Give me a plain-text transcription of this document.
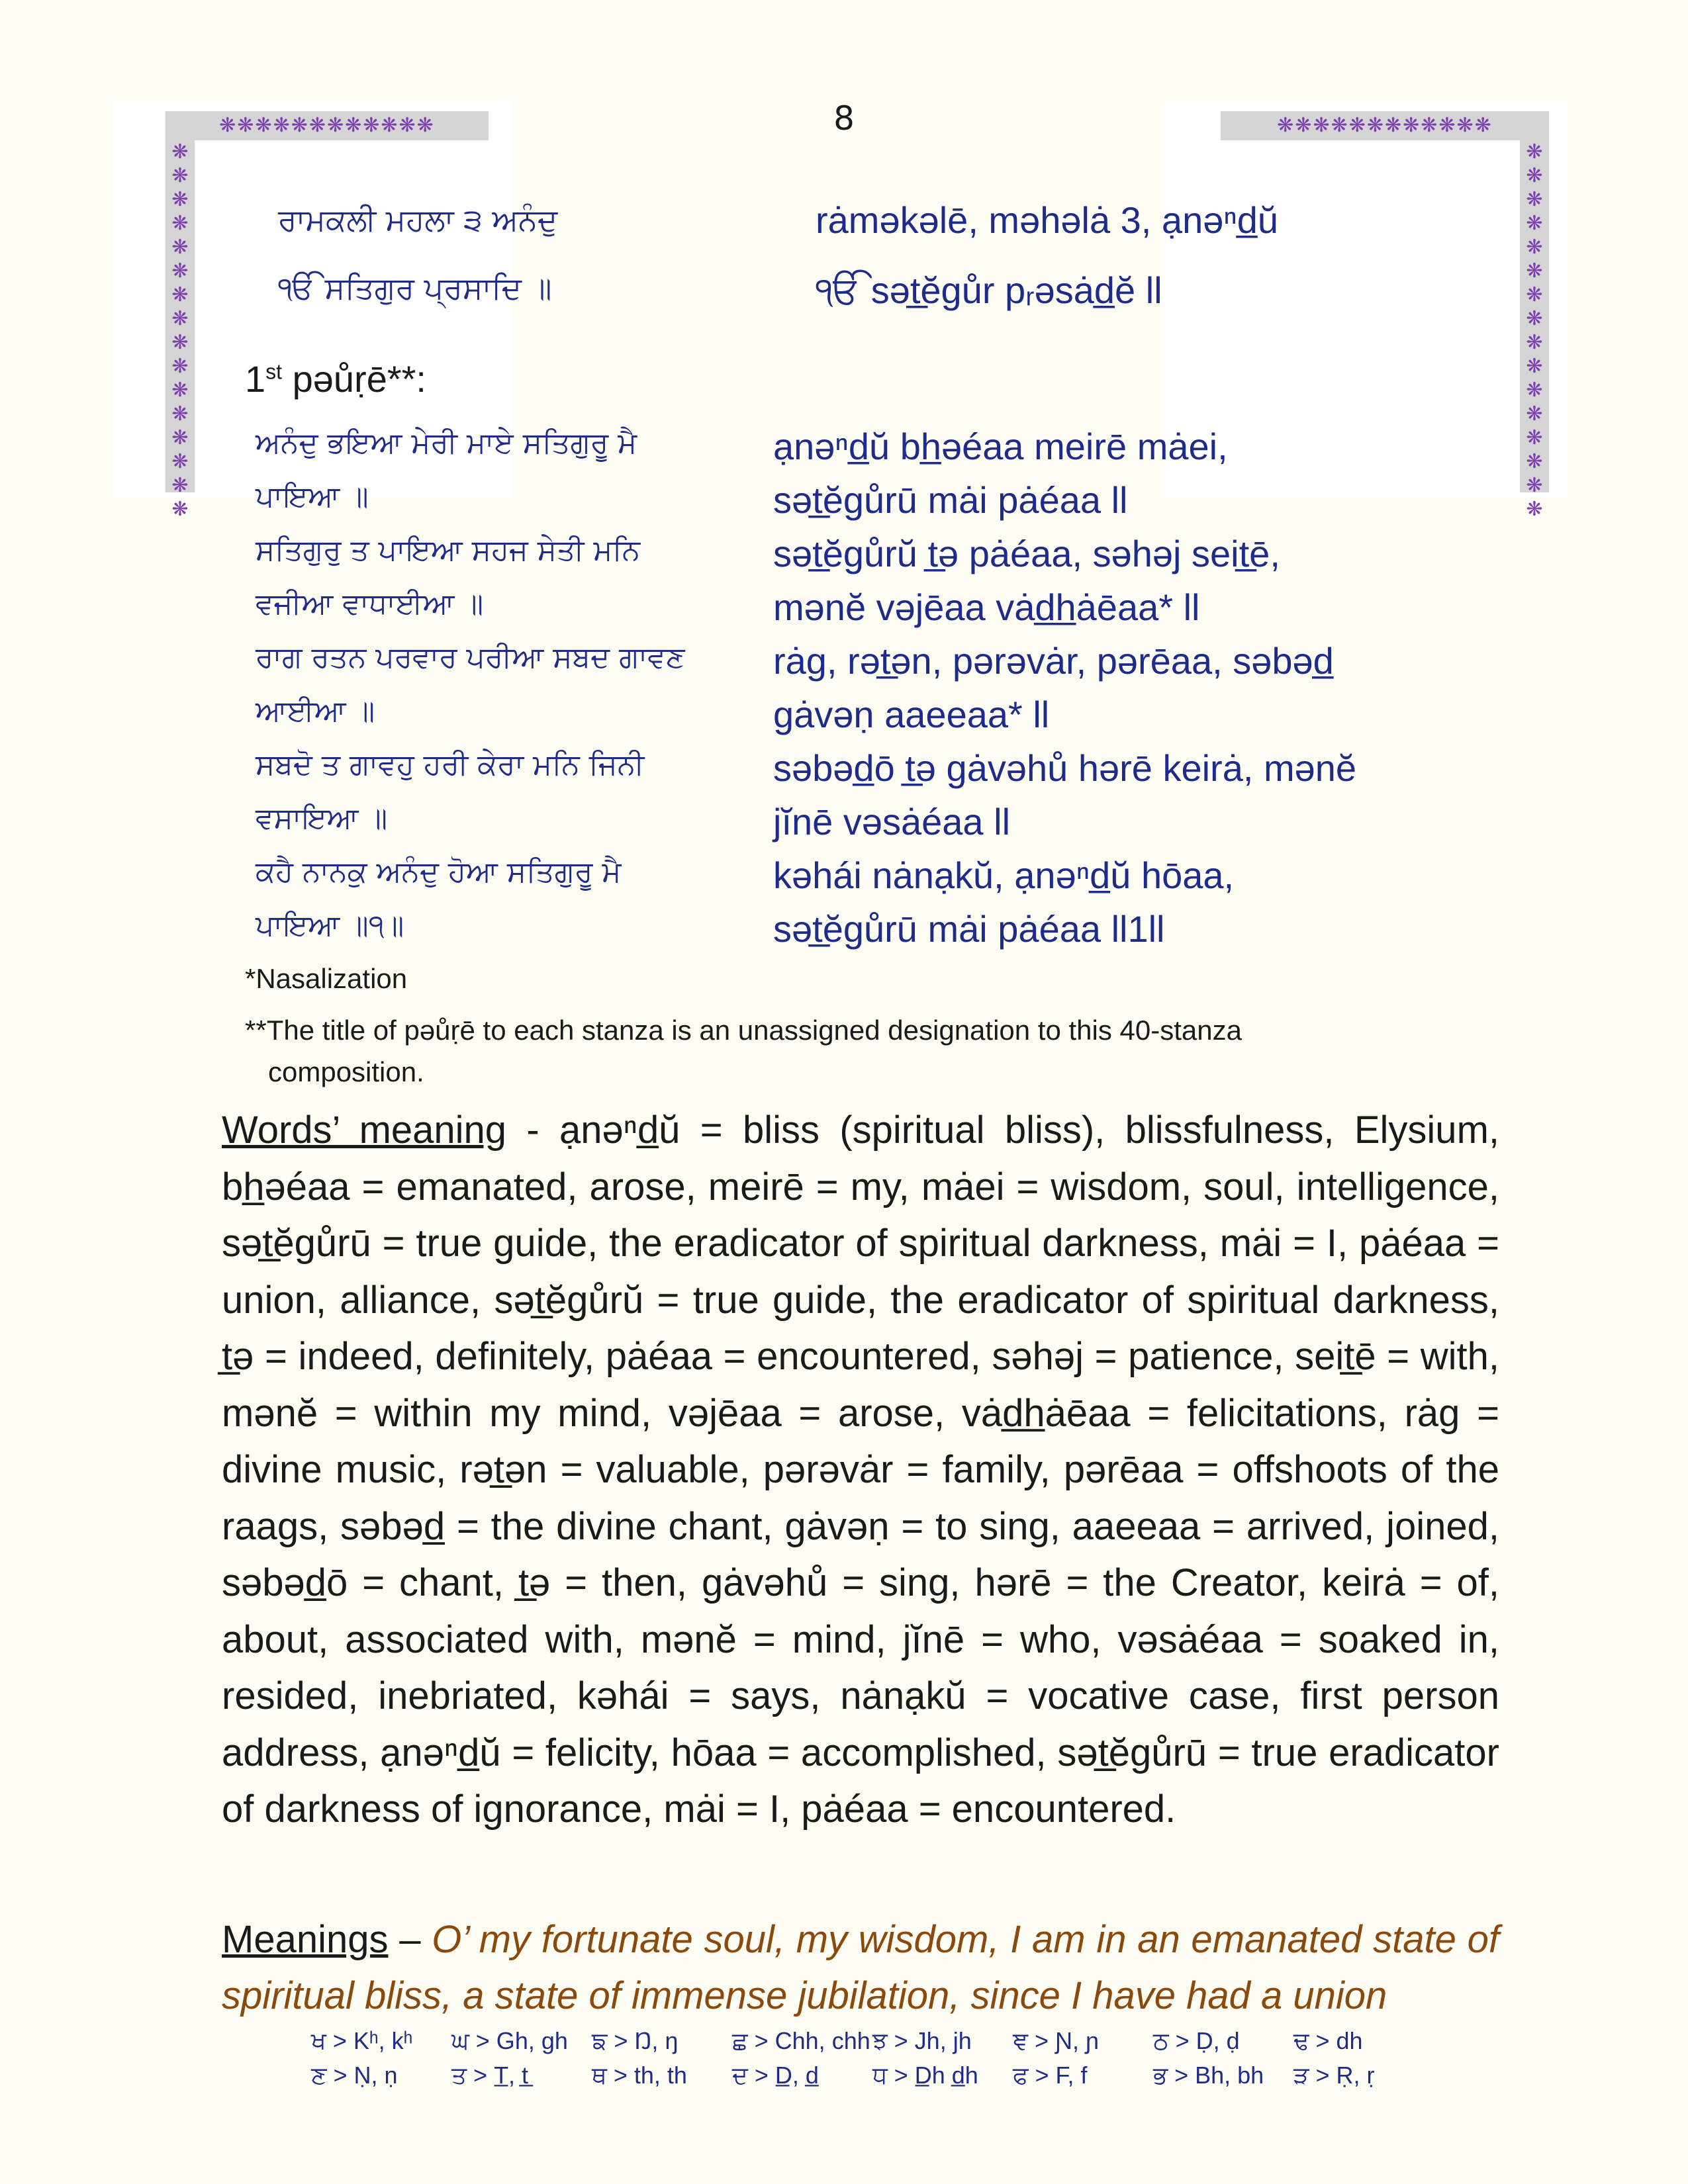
❋❋❋❋❋❋❋❋❋❋❋❋
❋❋❋❋❋❋❋❋❋❋❋❋❋❋❋❋
❋❋❋❋❋❋❋❋❋❋❋❋
❋❋❋❋❋❋❋❋❋❋❋❋❋❋❋❋
8
ਰਾਮਕਲੀ ਮਹਲਾ ੩ ਅਨੰਦੁ	rȧməkəlē, məhəlȧ 3, ạnəⁿd̲ŭ
ੴ ਸਤਿਗੁਰ ਪ੍ਰਸਾਦਿ ॥	ੴ sət̲ĕgůr pᵣəsȧd̲ĕ ll
1st pəůṛē**:
ਅਨੰਦੁ ਭਇਆ ਮੇਰੀ ਮਾਏ ਸਤਿਗੁਰੂ ਮੈ	ạnəⁿd̲ŭ bh̲əéaa meirē mȧei,
ਪਾਇਆ ॥	sət̲ĕgůrū mȧi pȧéaa ll
ਸਤਿਗੁਰੁ ਤ ਪਾਇਆ ਸਹਜ ਸੇਤੀ ਮਨਿ	sət̲ĕgůrŭ t̲ə pȧéaa, səhəj seit̲ē,
ਵਜੀਆ ਵਾਧਾਈਆ ॥	mənĕ vəjēaa vȧd̲h̲ȧēaa* ll
ਰਾਗ ਰਤਨ ਪਰਵਾਰ ਪਰੀਆ ਸਬਦ ਗਾਵਣ	rȧg, rət̲ən, pərəvȧr, pərēaa, səbəd̲
ਆਈਆ ॥	gȧvəṇ aaeeaa* ll
ਸਬਦੋ ਤ ਗਾਵਹੁ ਹਰੀ ਕੇਰਾ ਮਨਿ ਜਿਨੀ	səbəd̲ō t̲ə gȧvəhů hərē keirȧ, mənĕ
ਵਸਾਇਆ ॥	jĭnē vəsȧéaa ll
ਕਹੈ ਨਾਨਕੁ ਅਨੰਦੁ ਹੋਆ ਸਤਿਗੁਰੂ ਮੈ	kəhái nȧnạkŭ, ạnəⁿd̲ŭ hōaa,
ਪਾਇਆ ॥੧॥	sət̲ĕgůrū mȧi pȧéaa ll1ll
*Nasalization
**The title of pəůṛē to each stanza is an unassigned designation to this 40-stanza
composition.
Words’ meaning - ạnəⁿd̲ŭ = bliss (spiritual bliss), blissfulness, Elysium, bh̲əéaa = emanated, arose, meirē = my, mȧei = wisdom, soul, intelligence, sət̲ĕgůrū = true guide, the eradicator of spiritual darkness, mȧi = I, pȧéaa = union, alliance, sət̲ĕgůrŭ = true guide, the eradicator of spiritual darkness, t̲ə = indeed, definitely, pȧéaa = encountered, səhəj = patience, seit̲ē = with, mənĕ = within my mind, vəjēaa = arose, vȧd̲h̲ȧēaa = felicitations, rȧg = divine music, rət̲ən = valuable, pərəvȧr = family, pərēaa = offshoots of the raags, səbəd̲ = the divine chant, gȧvəṇ = to sing, aaeeaa = arrived, joined, səbəd̲ō = chant, t̲ə = then, gȧvəhů = sing, hərē = the Creator, keirȧ = of, about, associated with, mənĕ = mind, jĭnē = who, vəsȧéaa = soaked in, resided, inebriated, kəhái = says, nȧnạkŭ = vocative case, first person address, ạnəⁿd̲ŭ = felicity, hōaa = accomplished, sət̲ĕgůrū = true eradicator of darkness of ignorance, mȧi = I, pȧéaa = encountered.
Meanings – O’ my fortunate soul, my wisdom, I am in an emanated state of spiritual bliss, a state of immense jubilation, since I have had a union
ਖ > Kʰ, kʰ ਘ > Gh, gh ਙ > Ŋ, ŋ ਛ > Chh, chhਝ > Jh, jh ਞ > Ɲ, ɲ ਠ > Ḍ, ḍ ਢ > dh
ਣ > Ṇ, ṇ ਤ > T̲, t̲	ਥ > th, th ਦ > D̲, d̲ ਧ > D̲h d̲h ਫ > F, f	ਭ > Bh, bh ੜ > Ṛ, ṛ
